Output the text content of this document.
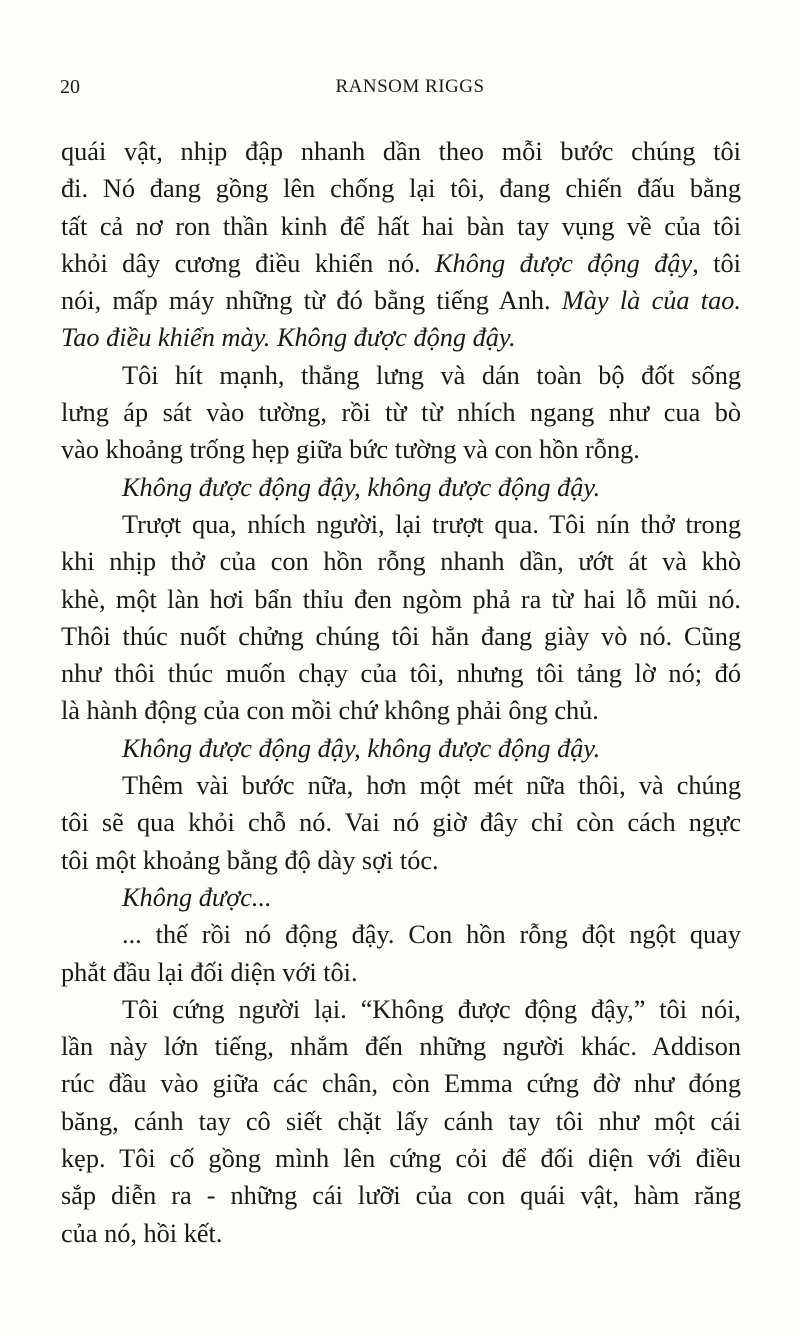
20	RANSOM RIGGS
quái vật, nhịp đập nhanh dần theo mỗi bước chúng tôi
đi. Nó đang gồng lên chống lại tôi, đang chiến đấu bằng
tất cả nơ ron thần kinh để hất hai bàn tay vụng về của tôi
khỏi dây cương điều khiển nó. Không được động đậy, tôi
nói, mấp máy những từ đó bằng tiếng Anh. Mày là của tao.
Tao điều khiển mày. Không được động đậy.
Tôi hít mạnh, thẳng lưng và dán toàn bộ đốt sống
lưng áp sát vào tường, rồi từ từ nhích ngang như cua bò
vào khoảng trống hẹp giữa bức tường và con hồn rỗng.
Không được động đậy, không được động đậy.
Trượt qua, nhích người, lại trượt qua. Tôi nín thở trong
khi nhịp thở của con hồn rỗng nhanh dần, ướt át và khò
khè, một làn hơi bẩn thỉu đen ngòm phả ra từ hai lỗ mũi nó.
Thôi thúc nuốt chửng chúng tôi hẳn đang giày vò nó. Cũng
như thôi thúc muốn chạy của tôi, nhưng tôi tảng lờ nó; đó
là hành động của con mồi chứ không phải ông chủ.
Không được động đậy, không được động đậy.
Thêm vài bước nữa, hơn một mét nữa thôi, và chúng
tôi sẽ qua khỏi chỗ nó. Vai nó giờ đây chỉ còn cách ngực
tôi một khoảng bằng độ dày sợi tóc.
Không được...
... thế rồi nó động đậy. Con hồn rỗng đột ngột quay
phắt đầu lại đối diện với tôi.
Tôi cứng người lại. “Không được động đậy,” tôi nói,
lần này lớn tiếng, nhắm đến những người khác. Addison
rúc đầu vào giữa các chân, còn Emma cứng đờ như đóng
băng, cánh tay cô siết chặt lấy cánh tay tôi như một cái
kẹp. Tôi cố gồng mình lên cứng cỏi để đối diện với điều
sắp diễn ra - những cái lưỡi của con quái vật, hàm răng
của nó, hồi kết.
